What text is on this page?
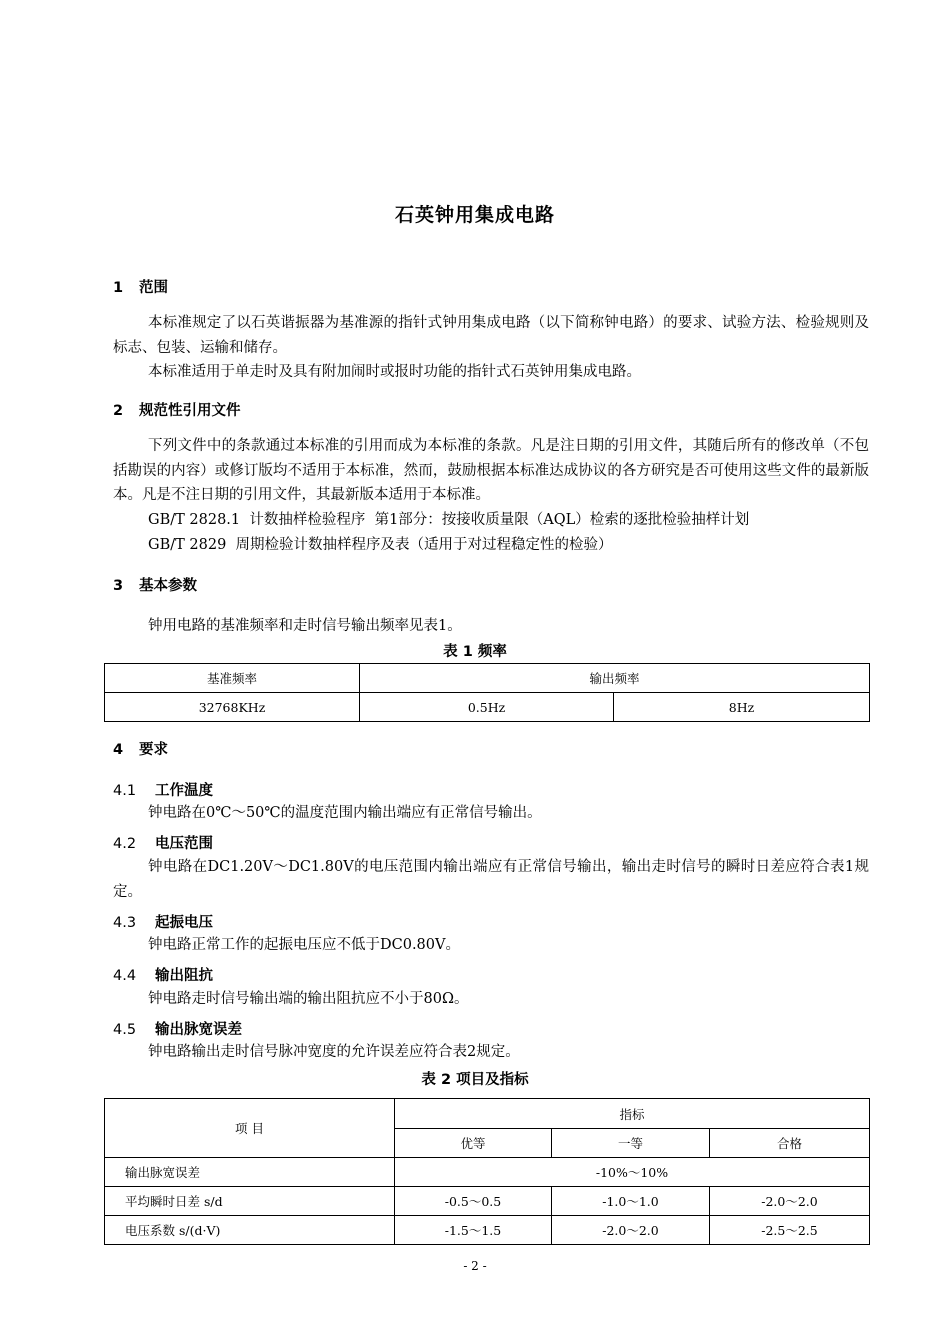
石英钟用集成电路
1 范围
本标准规定了以石英谐振器为基准源的指针式钟用集成电路（以下简称钟电路）的要求、试验方法、检验规则及标志、包装、运输和储存。
本标准适用于单走时及具有附加闹时或报时功能的指针式石英钟用集成电路。
2 规范性引用文件
下列文件中的条款通过本标准的引用而成为本标准的条款。凡是注日期的引用文件，其随后所有的修改单（不包括勘误的内容）或修订版均不适用于本标准，然而，鼓励根据本标准达成协议的各方研究是否可使用这些文件的最新版本。凡是不注日期的引用文件，其最新版本适用于本标准。
GB/T 2828.1  计数抽样检验程序  第1部分：按接收质量限（AQL）检索的逐批检验抽样计划
GB/T 2829  周期检验计数抽样程序及表（适用于对过程稳定性的检验）
3 基本参数
钟用电路的基准频率和走时信号输出频率见表1。
表 1 频率
基准频率	输出频率	
32768KHz	0.5Hz	8Hz
4 要求
4.1 工作温度
钟电路在0℃～50℃的温度范围内输出端应有正常信号输出。
4.2 电压范围
钟电路在DC1.20V～DC1.80V的电压范围内输出端应有正常信号输出，输出走时信号的瞬时日差应符合表1规定。
4.3 起振电压
钟电路正常工作的起振电压应不低于DC0.80V。
4.4 输出阻抗
钟电路走时信号输出端的输出阻抗应不小于80Ω。
4.5 输出脉宽误差
钟电路输出走时信号脉冲宽度的允许误差应符合表2规定。
表 2 项目及指标
项 目	指标		
	优等	一等	合格
输出脉宽误差	-10%～10%		
平均瞬时日差 s/d	-0.5～0.5	-1.0～1.0	-2.0～2.0
电压系数 s/(d·V)	-1.5～1.5	-2.0～2.0	-2.5～2.5
- 2 -
